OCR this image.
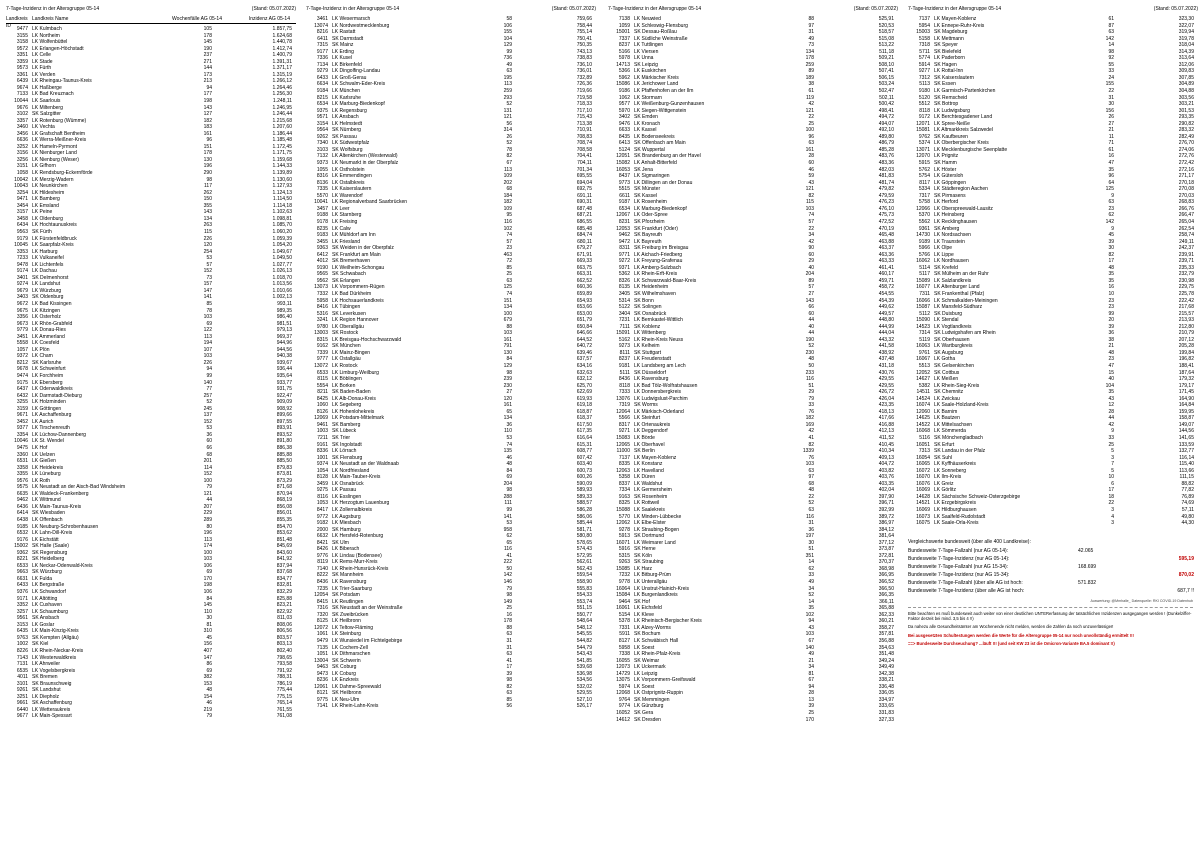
7-Tage-Inzidenz in der Altersgruppe 05-14	(Stand: 05.07.2022)
Landkreis ID
Landkreis Name	Wochenfälle AG 05-14	Inzidenz AG 05-14
9477 LK Kulmbach	105	1.857,75
3155 LK Northeim	178	1.624,68
3158 LK Wolfenbüttel	145	1.440,78
9572 LK Erlangen-Höchstadt	190	1.412,74
3351 LK Celle	237	1.400,79
3359 LK Stade	271	1.391,31
9573 LK Fürth	144	1.371,17
3361 LK Verden	173	1.315,19
6439 LK Rheingau-Taunus-Kreis	213	1.266,12
9674 LK Haßberge	94	1.264,46
7133 LK Bad Kreuznach	177	1.256,30
10044 LK Saarlouis	198	1.248,11
9676 LK Miltenberg	143	1.246,95
3102 SK Salzgitter	127	1.246,44
3357 LK Rotenburg (Wümme)	182	1.215,68
3460 LK Vechta	183	1.207,60
3456 LK Grafschaft Bentheim	161	1.186,44
6636 LK Werra-Meißner-Kreis	96	1.185,48
3252 LK Hameln-Pyrmont	151	1.172,45
3156 LK Nienburger Land	178	1.171,75
3256 LK Nienburg (Weser)	130	1.159,68
3151 LK Gifhorn	196	1.144,33
1058 LK Rendsburg-Eckernförde	290	1.139,89
10042 LK Merzig-Wadern	98	1.130,60
10043 LK Neunkirchen	117	1.127,93
3254 LK Hildesheim	262	1.124,13
9471 LK Bamberg	150	1.114,50
3454 LK Emsland	355	1.114,18
3157 LK Peine	143	1.102,63
3458 LK Oldenburg	134	1.098,81
6434 LK Hochtaunuskreis	263	1.085,70
9563 SK Fürth	115	1.060,20
9179 LK Fürstenfeldbruck	226	1.059,39
10045 LK Saarpfalz-Kreis	120	1.054,20
3353 LK Harburg	254	1.049,67
7233 LK Vulkaneifel	53	1.049,50
9478 LK Lichtenfels	57	1.027,77
9174 LK Dachau	152	1.026,13
3401 SK Delmenhorst	73	1.018,70
9274 LK Landshut	157	1.013,56
9679 LK Würzburg	147	1.010,66
3403 SK Oldenburg	141	1.002,13
9672 LK Bad Kissingen	85	993,11
9675 LK Kitzingen	78	989,35
3356 LK Osterholz	103	986,40
9673 LK Rhön-Grabfeld	69	981,51
9779 LK Donau-Ries	122	979,13
3451 LK Ammerland	113	969,37
5558 LK Coesfeld	194	944,96
1057 LK Plön	107	944,56
9372 LK Cham	103	940,38
8212 SK Karlsruhe	226	939,67
9678 LK Schweinfurt	94	936,44
9474 LK Forchheim	99	935,64
9175 LK Ebersberg	140	933,77
6437 LK Odenwaldkreis	77	931,75
6432 LK Darmstadt-Dieburg	257	922,47
3255 LK Holzminden	52	909,09
3159 LK Göttingen	245	908,92
9671 LK Aschaffenburg	137	899,66
3452 LK Aurich	152	897,55
9377 LK Tirschenreuth	53	893,91
3354 LK Lüchow-Dannenberg	36	893,52
10046 LK St. Wendel	60	891,80
9475 LK Hof	66	886,38
3360 LK Uelzen	68	885,88
6531 LK Gießen	201	885,50
3358 LK Heidekreis	114	879,83
3355 LK Lüneburg	152	873,81
9576 LK Roth	100	873,29
9575 LK Neustadt an der Aisch-Bad Windsheim	79	871,68
6635 LK Waldeck-Frankenberg	121	870,94
9462 LK Wittmund	44	868,19
6436 LK Main-Taunus-Kreis	207	856,08
6414 SK Wiesbaden	229	856,01
6438 LK Offenbach	289	855,35
9185 LK Neuburg-Schrobenhausen	80	854,70
6532 LK Lahn-Dill-Kreis	196	853,62
9176 LK Eichstätt	113	851,48
15002 SK Halle (Saale)	174	845,69
9362 SK Regensburg	100	843,60
8221 SK Heidelberg	103	841,92
6533 LK Neckar-Odenwald-Kreis	106	837,94
9663 SK Würzburg	69	837,68
6631 LK Fulda	170	834,77
6433 LK Bergstraße	198	832,81
9376 LK Schwandorf	106	832,29
9171 LK Altötting	84	825,88
3352 LK Cuxhaven	145	823,21
3257 LK Schaumburg	110	822,92
9561 SK Ansbach	30	811,03
3153 LK Goslar	81	808,06
6435 LK Main-Kinzig-Kreis	310	806,56
9763 SK Kempten (Allgäu)	45	803,57
1002 SK Kiel	156	803,13
8226 LK Rhein-Neckar-Kreis	407	802,40
7143 LK Westerwaldkreis	147	798,65
7131 LK Ahrweiler	86	793,58
6535 LK Vogelsbergkreis	69	791,92
4011 SK Bremen	382	788,31
3101 SK Braunschweig	153	786,19
9261 SK Landshut	48	775,44
3251 LK Diepholz	154	775,15
9661 SK Aschaffenburg	46	765,14
6440 LK Wetteraukreis	219	761,55
9677 LK Main-Spessart	79	761,08
7-Tage-Inzidenz in der Altersgruppe 05-14	(Stand: 05.07.2022)
3461 LK Wesermarsch	58	759,66
13074 LK Nordwestmecklenburg	106	758,44
8216 LK Rastatt	155	755,14
6411 SK Darmstadt	104	750,41
7315 SK Mainz	129	750,35
9177 LK Erding	99	743,13
7336 LK Kusel	736	738,83
7134 LK Birkenfeld	49	736,10
9279 LK Dingolfing-Landau	63	736,01
6433 LK Groß-Gerau	195	732,89
6634 LK Schwalm-Eder-Kreis	113	726,36
9184 LK München	259	719,66
8215 LK Karlsruhe	293	719,58
6534 LK Marburg-Biedenkopf	52	718,33
9375 LK Regensburg	131	717,10
9571 LK Ansbach	121	715,43
3154 LK Helmstedt	56	713,38
9564 SK Nürnberg	314	710,91
9262 SK Passau	26	708,83
7340 LK Südwestpfalz	52	708,74
3103 SK Wolfsburg	78	708,58
7132 LK Altenkirchen (Westerwald)	82	704,41
9373 LK Neumarkt in der Oberpfalz	67	704,11
1055 LK Ostholstein	113	701,34
8316 LK Emmendingen	109	695,55
8136 LK Ostalbkreis	202	694,04
7335 LK Kaiserslautern	68	692,75
5570 LK Warendorf	184	691,11
10041 LK Regionalverband Saarbrücken	182	690,31
3457 LK Leer	109	687,48
9188 LK Starnberg	95	687,21
9178 LK Freising	116	686,55
8235 LK Calw	102	685,48
9183 LK Mühldorf am Inn	74	684,74
3455 LK Friesland	57	680,11
9363 SK Weiden in der Oberpfalz	23	679,27
6412 SK Frankfurt am Main	463	671,91
4012 SK Bremerhaven	72	669,33
9190 LK Weilheim-Schongau	85	663,75
9565 SK Schwabach	25	663,31
9562 SK Erlangen	63	662,52
13073 LK Vorpommern-Rügen	125	660,36
7332 LK Bad Dürkheim	74	659,89
5958 LK Hochsauerlandkreis	151	654,93
8416 LK Tübingen	134	653,66
5316 SK Leverkusen	100	653,00
3241 LK Region Hannover	679	651,79
9780 LK Oberallgäu	88	650,84
13003 SK Rostock	103	646,66
8315 LK Breisgau-Hochschwarzwald	161	644,52
9162 SK München	791	640,72
7339 LK Mainz-Bingen	130	639,46
9777 LK Ostallgäu	84	637,57
13072 LK Rostock	129	634,16
6533 LK Limburg-Weilburg	98	632,63
8115 LK Böblingen	239	632,12
5554 LK Borken	230	625,70
8211 SK Baden-Baden	27	622,69
8425 LK Alb-Donau-Kreis	120	619,93
1060 LK Segeberg	161	619,18
8126 LK Hohenlohekreis	65	618,87
12069 LK Potsdam-Mittelmark	134	618,37
9461 SK Bamberg	36	617,50
1003 SK Lübeck	110	617,35
7211 SK Trier	53	616,64
9161 SK Ingolstadt	74	615,31
8336 LK Lörrach	135	608,77
1001 SK Flensburg	46	607,42
9374 LK Neustadt an der Waldnaab	48	603,40
1054 LK Nordfriesland	84	600,73
8128 LK Main-Tauber-Kreis	69	600,26
3459 LK Osnabrück	204	590,09
9275 LK Passau	98	589,93
8116 LK Esslingen	288	589,33
1053 LK Herzogtum Lauenburg	111	588,57
8417 LK Zollernalbkreis	99	586,28
9772 LK Augsburg	141	586,06
9182 LK Miesbach	53	585,44
2000 SK Hamburg	958	581,71
6632 LK Hersfeld-Rotenburg	62	580,80
8421 SK Ulm	65	578,65
8426 LK Biberach	116	574,43
9776 LK Lindau (Bodensee)	41	572,95
8119 LK Rems-Murr-Kreis	222	562,61
7140 LK Rhein-Hunsrück-Kreis	50	562,43
8222 SK Mannheim	142	559,54
8436 LK Ravensburg	146	558,90
7235 LK Trier-Saarburg	79	555,83
12054 SK Potsdam	98	554,33
8415 LK Reutlingen	149	553,74
7316 SK Neustadt an der Weinstraße	25	551,15
7320 SK Zweibrücken	16	550,77
8125 LK Heilbronn	178	548,64
12072 LK Teltow-Fläming	88	548,12
1061 LK Steinburg	63	545,55
9479 LK Wunsiedel im Fichtelgebirge	31	544,82
7135 LK Cochem-Zell	31	544,79
1051 LK Dithmarschen	63	543,43
13004 SK Schwerin	41	541,85
9463 SK Coburg	17	539,68
9473 LK Coburg	39	536,98
8236 LK Enzkreis	98	534,56
12061 LK Dahme-Spreewald	82	532,02
8121 SK Heilbronn	63	529,55
9775 LK Neu-Ulm	85	527,10
7141 LK Rhein-Lahn-Kreis	56	526,17
7-Tage-Inzidenz in der Altersgruppe 05-14	(Stand: 05.07.2022)
7138 LK Neuwied	88	525,91
1059 LK Schleswig-Flensburg	97	520,53
15001 SK Dessau-Roßlau	31	518,57
7337 LK Südliche Weinstraße	49	515,08
8237 LK Tuttlingen	73	513,22
5166 LK Viersen	134	511,18
5978 LK Unna	178	509,21
14713 SK Leipzig	259	508,10
5366 LK Euskirchen	89	507,41
5962 LK Märkischer Kreis	189	506,15
15086 LK Jerichower Land	38	503,24
9186 LK Pfaffenhofen an der Ilm	61	502,47
1062 LK Stormarn	119	502,11
9577 LK Weißenburg-Gunzenhausen	42	500,42
5970 LK Siegen-Wittgenstein	121	498,41
3402 SK Emden	22	494,72
9476 LK Kronach	25	494,07
6633 LK Kassel	100	492,10
8435 LK Bodenseekreis	96	489,80
6413 SK Offenbach am Main	63	486,79
5124 SK Wuppertal	161	485,28
12051 SK Brandenburg an der Havel	28	483,76
15082 LK Anhalt-Bitterfeld	60	483,36
16053 SK Jena	46	482,03
8437 LK Sigmaringen	59	481,83
9773 LK Dillingen an der Donau	43	481,74
5515 SK Münster	121	479,82
6611 SK Kassel	82	479,59
9187 LK Rosenheim	115	476,23
6534 LK Marburg-Biedenkopf	103	476,10
12067 LK Oder-Spree	74	475,73
8231 SK Pforzheim	57	472,52
12053 SK Frankfurt (Oder)	22	470,19
9462 SK Bayreuth	34	465,48
9472 LK Bayreuth	42	463,88
8311 SK Freiburg im Breisgau	90	463,37
9771 LK Aichach-Friedberg	60	463,36
9272 LK Freyung-Grafenau	29	463,33
9371 LK Amberg-Sulzbach	40	461,41
5362 LK Rhein-Erft-Kreis	204	460,17
8326 LK Schwarzwald-Baar-Kreis	89	459,71
8135 LK Heidenheim	57	458,72
3405 SK Wilhelmshaven	27	454,55
5314 SK Bonn	143	454,39
5122 SK Solingen	66	449,62
3404 SK Osnabrück	60	449,57
7231 LK Bernkastel-Wittlich	44	448,80
7111 SK Koblenz	40	444,99
15091 LK Wittenberg	44	444,04
5162 LK Rhein-Kreis Neuss	190	443,32
9273 LK Kelheim	52	441,58
8111 SK Stuttgart	230	438,92
8237 LK Freudenstadt	48	437,48
9181 LK Landsberg am Lech	50	431,18
5111 SK Düsseldorf	233	430,76
8436 LK Ravensburg	116	429,55
8118 LK Bad Tölz-Wolfratshausen	51	429,55
7333 LK Donnersbergkreis	29	426,72
13076 LK Ludwigslust-Parchim	79	426,04
7319 SK Worms	33	423,35
12064 LK Märkisch-Oderland	76	418,13
5566 LK Steinfurt	182	417,66
8317 LK Ortenaukreis	169	416,88
9271 LK Deggendorf	42	412,13
15083 LK Börde	41	411,52
12065 LK Oberhavel	82	410,45
11000 SK Berlin	1339	410,34
7137 LK Mayen-Koblenz	76	409,13
8335 LK Konstanz	103	404,72
12063 LK Havelland	63	403,82
5358 LK Düren	97	403,76
8337 LK Waldshut	68	403,35
7334 LK Germersheim	48	402,04
9163 SK Rosenheim	22	397,90
8325 LK Rottweil	52	396,71
15088 LK Saalekreis	63	392,99
5770 LK Minden-Lübbecke	116	389,72
12062 LK Elbe-Elster	31	386,97
9278 LK Straubing-Bogen	36	384,12
5913 SK Dortmund	197	381,64
16071 LK Weimarer Land	30	377,12
5916 SK Herne	51	373,87
5315 SK Köln	351	372,81
9263 SK Straubing	14	370,37
15085 LK Harz	62	368,98
7232 LK Bitburg-Prüm	33	366,95
9778 LK Unterallgäu	49	366,52
16064 LK Unstrut-Hainich-Kreis	34	366,50
15084 LK Burgenlandkreis	52	366,35
9464 SK Hof	14	366,11
16061 LK Eichsfeld	35	365,88
5154 LK Kleve	102	362,33
5378 LK Rheinisch-Bergischer Kreis	94	360,21
7331 LK Alzey-Worms	43	358,27
5911 SK Bochum	103	357,81
8127 LK Schwäbisch Hall	67	356,88
5958 LK Soest	140	354,63
7338 LK Rhein-Pfalz-Kreis	49	351,48
16055 SK Weimar	21	349,24
12073 LK Uckermark	34	349,49
14729 LK Leipzig	81	342,38
13075 LK Vorpommern-Greifswald	67	338,21
5974 LK Soest	94	336,48
12068 LK Ostprignitz-Ruppin	28	336,05
9764 SK Memmingen	13	334,97
9774 LK Günzburg	39	333,65
16052 SK Gera	25	331,83
14612 SK Dresden	170	327,33
7-Tage-Inzidenz in der Altersgruppe 05-14	(Stand: 05.07.2022)
7137 LK Mayen-Koblenz	61	323,30
5954 LK Ennepe-Ruhr-Kreis	87	322,07
15003 SK Magdeburg	63	319,94
5158 LK Mettmann	142	319,78
7318 SK Speyer	14	318,04
5711 SK Bielefeld	98	314,39
5774 LK Paderborn	92	313,64
5914 SK Hagen	55	312,06
9277 LK Rottal-Inn	33	309,83
7312 SK Kaiserslautern	24	307,85
5113 SK Essen	155	304,89
9180 LK Garmisch-Partenkirchen	22	304,88
5120 SK Remscheid	31	303,56
5512 SK Bottrop	30	303,21
8118 LK Ludwigsburg	156	301,53
9172 LK Berchtesgadener Land	26	293,35
12071 LK Spree-Neiße	27	290,82
15081 LK Altmarkkreis Salzwedel	21	283,32
9762 SK Kaufbeuren	11	282,49
5374 LK Oberbergischer Kreis	71	276,70
13071 LK Mecklenburgische Seenplatte	61	274,06
12070 LK Prignitz	16	272,76
5915 SK Hamm	47	272,42
5762 LK Höxter	35	272,16
5754 LK Gütersloh	96	271,17
8117 LK Göppingen	64	270,18
5334 LK Städteregion Aachen	125	270,08
7317 SK Pirmasens	9	270,03
5758 LK Herford	63	268,83
12066 LK Oberspreewald-Lausitz	23	266,76
5370 LK Heinsberg	62	266,47
5562 LK Recklinghausen	142	265,04
9361 SK Amberg	9	262,54
14730 LK Nordsachsen	45	258,74
9189 LK Traunstein	39	249,11
5966 LK Olpe	30	242,37
5766 LK Lippe	82	239,91
16062 LK Nordhausen	17	239,71
5114 SK Krefeld	48	235,33
5117 SK Mülheim an der Ruhr	35	232,79
15089 LK Salzlandkreis	35	230,98
16077 LK Altenburger Land	16	229,75
7311 SK Frankenthal (Pfalz)	10	225,78
16066 LK Schmalkalden-Meiningen	23	222,42
15087 LK Mansfeld-Südharz	23	217,68
5112 SK Duisburg	99	215,57
15090 LK Stendal	20	213,93
14523 LK Vogtlandkreis	39	212,80
7314 SK Ludwigshafen am Rhein	36	210,79
5119 SK Oberhausen	38	207,12
16063 LK Wartburgkreis	21	205,28
9761 SK Augsburg	48	199,84
16067 LK Gotha	23	196,82
5513 SK Gelsenkirchen	47	188,41
12052 SK Cottbus	15	187,64
14627 LK Meißen	40	179,32
5382 LK Rhein-Sieg-Kreis	104	179,17
14511 SK Chemnitz	35	171,45
14524 LK Zwickau	43	164,90
16074 LK Saale-Holzland-Kreis	12	164,84
12060 LK Barnim	28	159,95
14625 LK Bautzen	44	158,87
14522 LK Mittelsachsen	42	149,07
16068 LK Sömmerda	9	144,56
5116 SK Mönchengladbach	33	141,65
16051 SK Erfurt	25	133,59
7313 SK Landau in der Pfalz	5	132,77
16054 SK Suhl	3	116,14
16065 LK Kyffhäuserkreis	7	115,40
16072 LK Sonneberg	5	113,66
16070 LK Ilm-Kreis	10	111,15
16076 LK Greiz	6	88,82
16069 LK Görlitz	17	77,82
14628 LK Sächsische Schweiz-Osterzgebirge	18	76,89
14521 LK Erzgebirgskreis	22	74,69
16069 LK Hildburghausen	3	57,11
16073 LK Saalfeld-Rudolstadt	4	49,80
16075 LK Saale-Orla-Kreis	3	44,30
Vergleichswerte bundesweit (über alle 400 Landkreise):
Bundesweite 7-Tage-Fallzahl (nur AG 05-14):	42.065
Bundesweite 7-Tage-Inzidenz (nur AG 05-14):	595,19
Bundesweite 7-Tage-Fallzahl (nur AG 15-34):	168.699
Bundesweite 7-Tage-Inzidenz (nur AG 15-34):	870,02
Bundesweite 7-Tage-Fallzahl (über alle AG ist hoch:	571.832
Bundesweite 7-Tage-Inzidenz (über alle AG ist hoch:	687,7 !!
Auswertung: @Mmhalle_ Datenquelle: RKI COVID-19 Datenhub
Bitte beachten es muß bundesweit auch weiter von einer deutlichen UNTERerfassung der tatsächlichen Inzidenzen ausgegangen werden ! (Dunkelziffer-Faktor derzeit bei mind. 3,5 bis 4 !!)
Da nahezu alle Gesundheitsämter am Wochenende nicht melden, werden die Zahlen da noch unzuverlässiger!
Bei ausgesetzten Schultestungen werden die Werte für die Altersgruppe 05-14 nur noch unvollständig ermittelt !!!
==> Bundesweite Durchseuchung? ...läuft !!! (und seit KW 23 ist die Omicron-Variante BA.5 dominant !!)
